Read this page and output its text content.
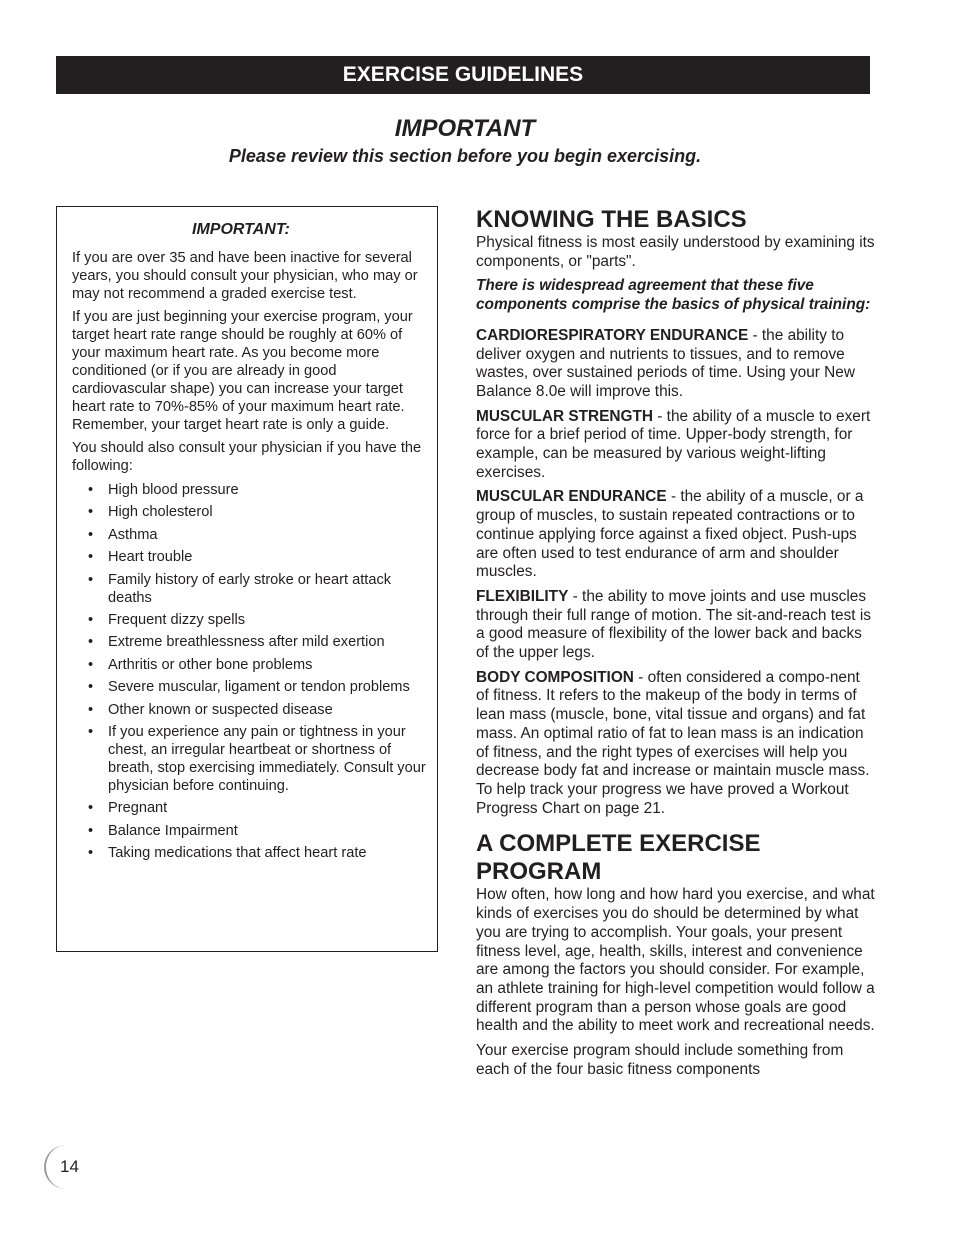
EXERCISE GUIDELINES
IMPORTANT
Please review this section before you begin exercising.
IMPORTANT:

If you are over 35 and have been inactive for several years, you should consult your physician, who may or may not recommend a graded exercise test.

If you are just beginning your exercise program, your target heart rate range should be roughly at 60% of your maximum heart rate. As you become more conditioned (or if you are already in good cardiovascular shape) you can increase your target heart rate to 70%-85% of your maximum heart rate. Remember, your target heart rate is only a guide.

You should also consult your physician if you have the following:

• High blood pressure
• High cholesterol
• Asthma
• Heart trouble
• Family history of early stroke or heart attack deaths
• Frequent dizzy spells
• Extreme breathlessness after mild exertion
• Arthritis or other bone problems
• Severe muscular, ligament or tendon problems
• Other known or suspected disease
• If you experience any pain or tightness in your chest, an irregular heartbeat or shortness of breath, stop exercising immediately. Consult your physician before continuing.
• Pregnant
• Balance Impairment
• Taking medications that affect heart rate
KNOWING THE BASICS

Physical fitness is most easily understood by examining its components, or "parts".

There is widespread agreement that these five components comprise the basics of physical training:

CARDIORESPIRATORY ENDURANCE - the ability to deliver oxygen and nutrients to tissues, and to remove wastes, over sustained periods of time. Using your New Balance 8.0e will improve this.

MUSCULAR STRENGTH - the ability of a muscle to exert force for a brief period of time. Upper-body strength, for example, can be measured by various weight-lifting exercises.

MUSCULAR ENDURANCE - the ability of a muscle, or a group of muscles, to sustain repeated contractions or to continue applying force against a fixed object. Push-ups are often used to test endurance of arm and shoulder muscles.

FLEXIBILITY - the ability to move joints and use muscles through their full range of motion. The sit-and-reach test is a good measure of flexibility of the lower back and backs of the upper legs.

BODY COMPOSITION - often considered a compo-nent of fitness. It refers to the makeup of the body in terms of lean mass (muscle, bone, vital tissue and organs) and fat mass. An optimal ratio of fat to lean mass is an indication of fitness, and the right types of exercises will help you decrease body fat and increase or maintain muscle mass. To help track your progress we have proved a Workout Progress Chart on page 21.

A COMPLETE EXERCISE PROGRAM

How often, how long and how hard you exercise, and what kinds of exercises you do should be determined by what you are trying to accomplish. Your goals, your present fitness level, age, health, skills, interest and convenience are among the factors you should consider. For example, an athlete training for high-level competition would follow a different program than a person whose goals are good health and the ability to meet work and recreational needs.

Your exercise program should include something from each of the four basic fitness components

14
